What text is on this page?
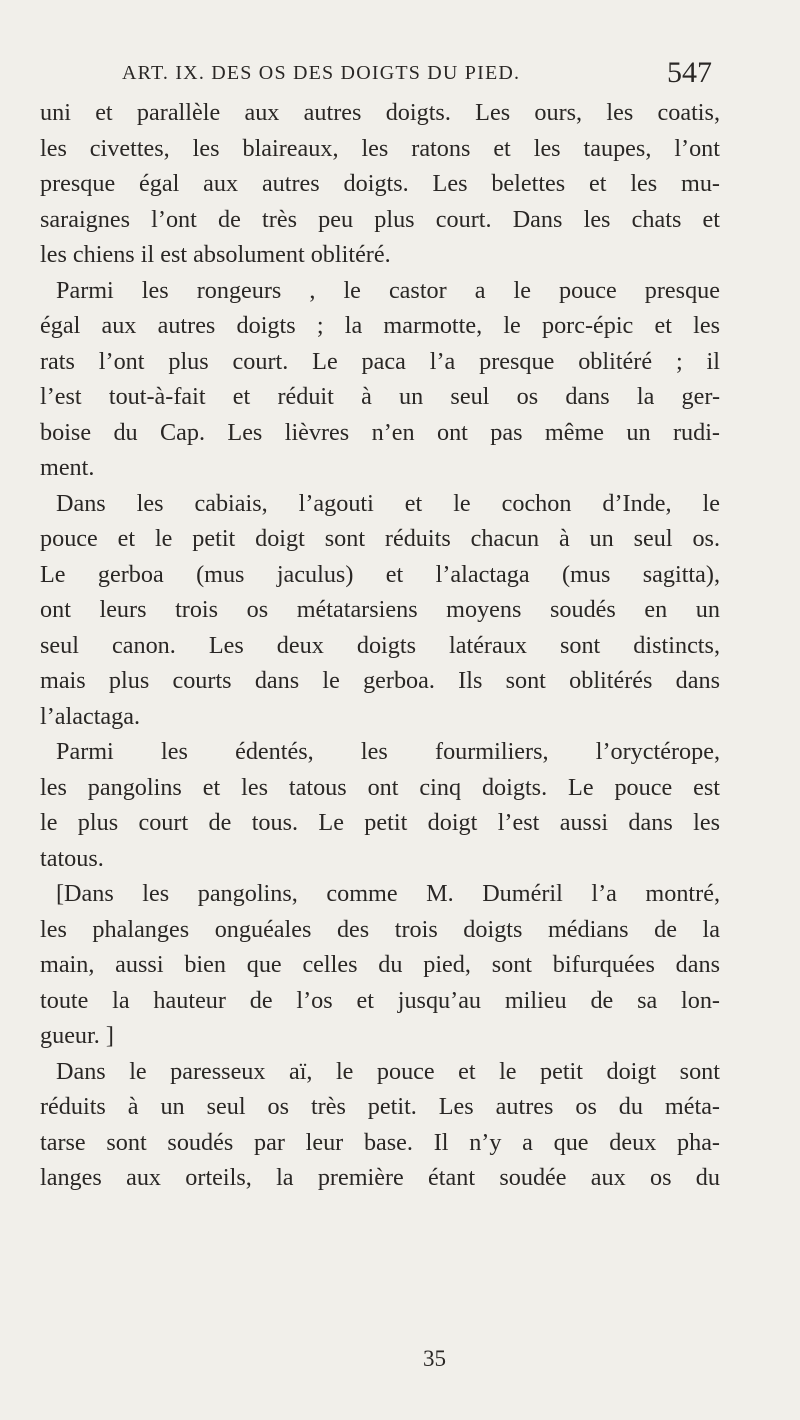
ART. IX. DES OS DES DOIGTS DU PIED.	547
uni et parallèle aux autres doigts. Les ours, les coatis,
les civettes, les blaireaux, les ratons et les taupes, l’ont
presque égal aux autres doigts. Les belettes et les mu-
saraignes l’ont de très peu plus court. Dans les chats et
les chiens il est absolument oblitéré.
Parmi les rongeurs , le castor a le pouce presque
égal aux autres doigts ; la marmotte, le porc-épic et les
rats l’ont plus court. Le paca l’a presque oblitéré ; il
l’est tout-à-fait et réduit à un seul os dans la ger-
boise du Cap. Les lièvres n’en ont pas même un rudi-
ment.
Dans les cabiais, l’agouti et le cochon d’Inde, le
pouce et le petit doigt sont réduits chacun à un seul os.
Le gerboa (mus jaculus) et l’alactaga (mus sagitta),
ont leurs trois os métatarsiens moyens soudés en un
seul canon. Les deux doigts latéraux sont distincts,
mais plus courts dans le gerboa. Ils sont oblitérés dans
l’alactaga.
Parmi les édentés, les fourmiliers, l’oryctérope,
les pangolins et les tatous ont cinq doigts. Le pouce est
le plus court de tous. Le petit doigt l’est aussi dans les
tatous.
[Dans les pangolins, comme M. Duméril l’a montré,
les phalanges onguéales des trois doigts médians de la
main, aussi bien que celles du pied, sont bifurquées dans
toute la hauteur de l’os et jusqu’au milieu de sa lon-
gueur. ]
Dans le paresseux aï, le pouce et le petit doigt sont
réduits à un seul os très petit. Les autres os du méta-
tarse sont soudés par leur base. Il n’y a que deux pha-
langes aux orteils, la première étant soudée aux os du
35
